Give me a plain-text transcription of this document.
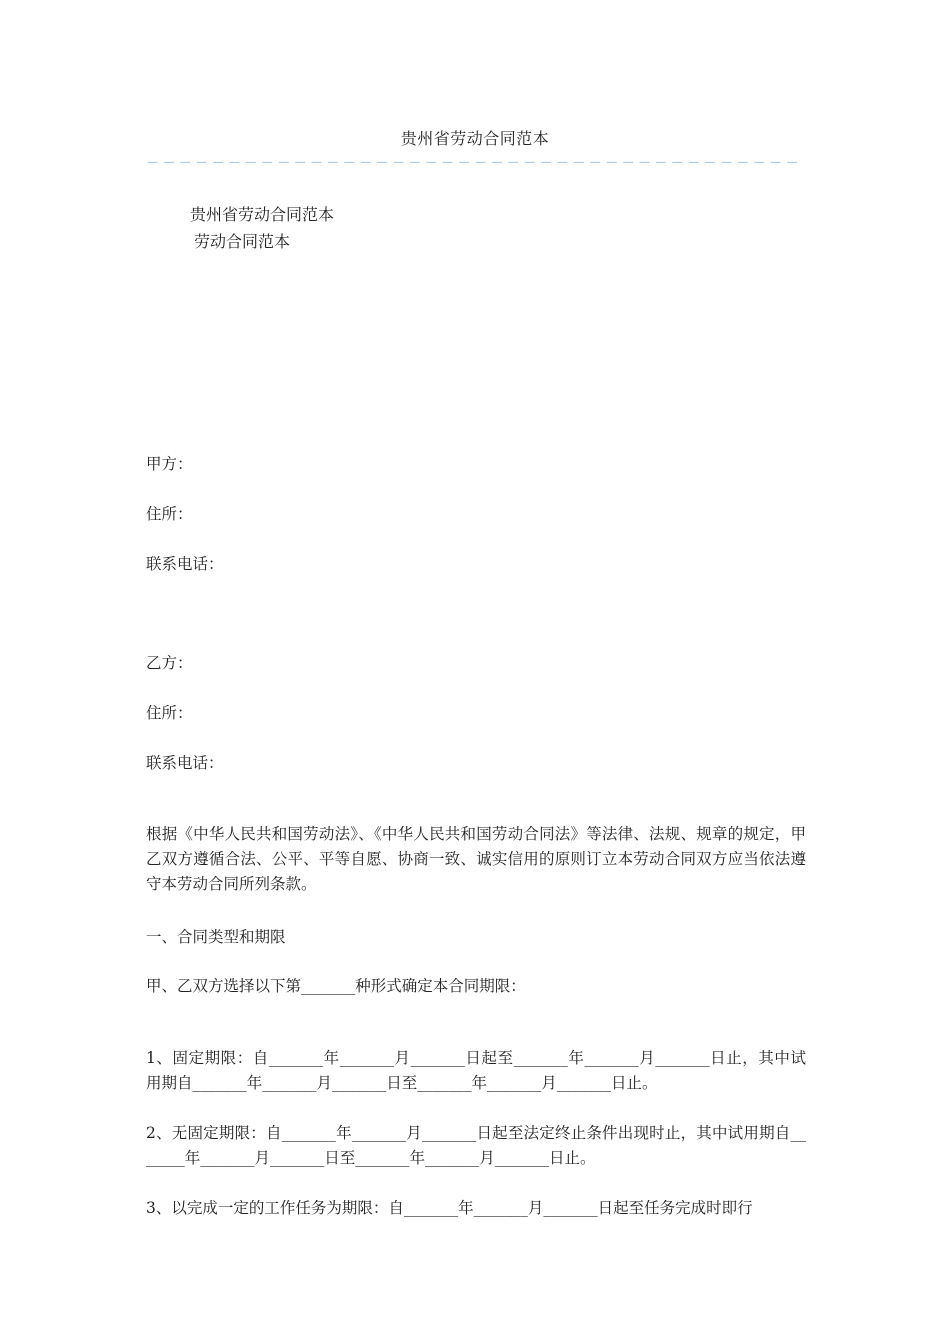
贵州省劳动合同范本
－－－－－－－－－－－－－－－－－－－－－－－－－－－－－－－－－－－－－－－－
贵州省劳动合同范本
劳动合同范本
甲方：
住所：
联系电话：
乙方：
住所：
联系电话：
根据《中华人民共和国劳动法》、《中华人民共和国劳动合同法》等法律、法规、规章的规定，甲乙双方遵循合法、公平、平等自愿、协商一致、诚实信用的原则订立本劳动合同双方应当依法遵守本劳动合同所列条款。
一、合同类型和期限
甲、乙双方选择以下第_______种形式确定本合同期限：
1、固定期限：自_______年_______月_______日起至_______年_______月_______日止，其中试用期自_______年_______月_______日至_______年_______月_______日止。
2、无固定期限：自_______年_______月_______日起至法定终止条件出现时止，其中试用期自_______年_______月_______日至_______年_______月_______日止。
3、以完成一定的工作任务为期限：自_______年_______月_______日起至任务完成时即行
